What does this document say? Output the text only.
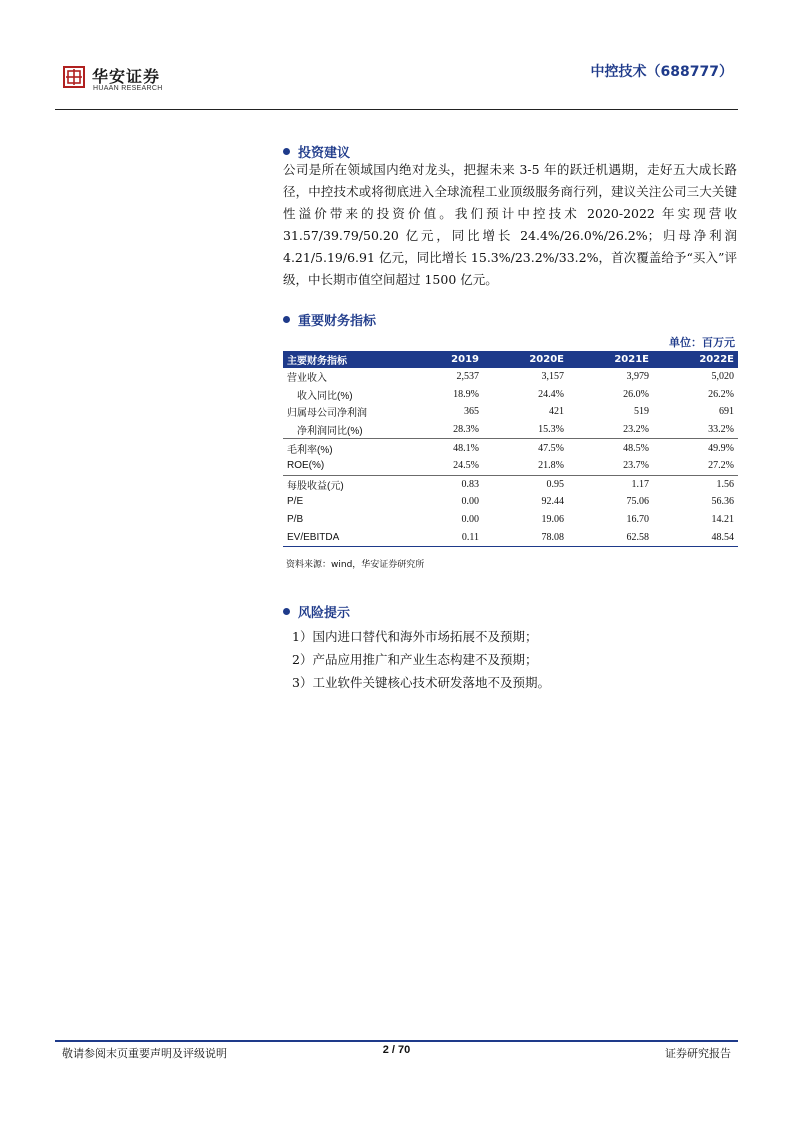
华安证券
HUAAN RESEARCH
中控技术（688777）
投资建议

公司是所在领域国内绝对龙头，把握未来 3-5 年的跃迁机遇期，走好五大成长路径，中控技术或将彻底进入全球流程工业顶级服务商行列，建议关注公司三大关键性溢价带来的投资价值。我们预计中控技术 2020-2022 年实现营收 31.57/39.79/50.20 亿元，同比增长 24.4%/26.0%/26.2%；归母净利润 4.21/5.19/6.91 亿元，同比增长 15.3%/23.2%/33.2%，首次覆盖给予“买入”评级，中长期市值空间超过 1500 亿元。

重要财务指标
单位：百万元
主要财务指标	2019	2020E	2021E	2022E
营业收入	2,537	3,157	3,979	5,020
收入同比(%)	18.9%	24.4%	26.0%	26.2%
归属母公司净利润	365	421	519	691
净利润同比(%)	28.3%	15.3%	23.2%	33.2%
毛利率(%)	48.1%	47.5%	48.5%	49.9%
ROE(%)	24.5%	21.8%	23.7%	27.2%
每股收益(元)	0.83	0.95	1.17	1.56
P/E	0.00	92.44	75.06	56.36
P/B	0.00	19.06	16.70	14.21
EV/EBITDA	0.11	78.08	62.58	48.54
资料来源：wind，华安证券研究所
风险提示
1）国内进口替代和海外市场拓展不及预期；
2）产品应用推广和产业生态构建不及预期；
3）工业软件关键核心技术研发落地不及预期。
敬请参阅末页重要声明及评级说明	2 / 70	证券研究报告
